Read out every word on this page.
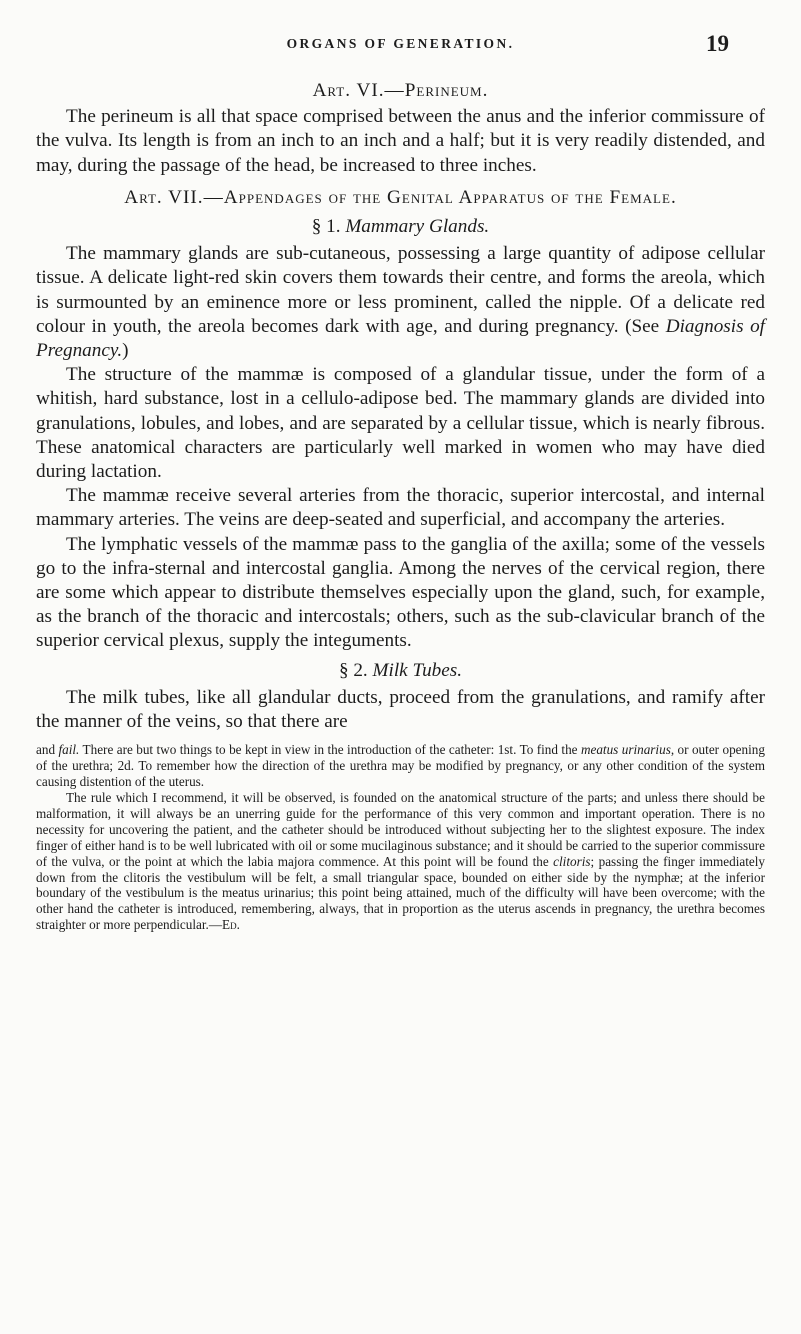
ORGANS OF GENERATION.	19
Art. VI.—Perineum.

The perineum is all that space comprised between the anus and the inferior commissure of the vulva. Its length is from an inch to an inch and a half; but it is very readily distended, and may, during the passage of the head, be increased to three inches.

Art. VII.—Appendages of the Genital Apparatus of the Female.
§ 1. Mammary Glands.

The mammary glands are sub-cutaneous, possessing a large quantity of adipose cellular tissue. A delicate light-red skin covers them towards their centre, and forms the areola, which is surmounted by an eminence more or less prominent, called the nipple. Of a delicate red colour in youth, the areola becomes dark with age, and during pregnancy. (See Diagnosis of Pregnancy.)

The structure of the mammæ is composed of a glandular tissue, under the form of a whitish, hard substance, lost in a cellulo-adipose bed. The mammary glands are divided into granulations, lobules, and lobes, and are separated by a cellular tissue, which is nearly fibrous. These anatomical characters are particularly well marked in women who may have died during lactation.

The mammæ receive several arteries from the thoracic, superior intercostal, and internal mammary arteries. The veins are deep-seated and superficial, and accompany the arteries.

The lymphatic vessels of the mammæ pass to the ganglia of the axilla; some of the vessels go to the infra-sternal and intercostal ganglia. Among the nerves of the cervical region, there are some which appear to distribute themselves especially upon the gland, such, for example, as the branch of the thoracic and intercostals; others, such as the sub-clavicular branch of the superior cervical plexus, supply the integuments.

§ 2. Milk Tubes.

The milk tubes, like all glandular ducts, proceed from the granulations, and ramify after the manner of the veins, so that there are

and fail. There are but two things to be kept in view in the introduction of the catheter: 1st. To find the meatus urinarius, or outer opening of the urethra; 2d. To remember how the direction of the urethra may be modified by pregnancy, or any other condition of the system causing distention of the uterus.

The rule which I recommend, it will be observed, is founded on the anatomical structure of the parts; and unless there should be malformation, it will always be an unerring guide for the performance of this very common and important operation. There is no necessity for uncovering the patient, and the catheter should be introduced without subjecting her to the slightest exposure. The index finger of either hand is to be well lubricated with oil or some mucilaginous substance; and it should be carried to the superior commissure of the vulva, or the point at which the labia majora commence. At this point will be found the clitoris; passing the finger immediately down from the clitoris the vestibulum will be felt, a small triangular space, bounded on either side by the nymphæ; at the inferior boundary of the vestibulum is the meatus urinarius; this point being attained, much of the difficulty will have been overcome; with the other hand the catheter is introduced, remembering, always, that in proportion as the uterus ascends in pregnancy, the urethra becomes straighter or more perpendicular.—Ed.
